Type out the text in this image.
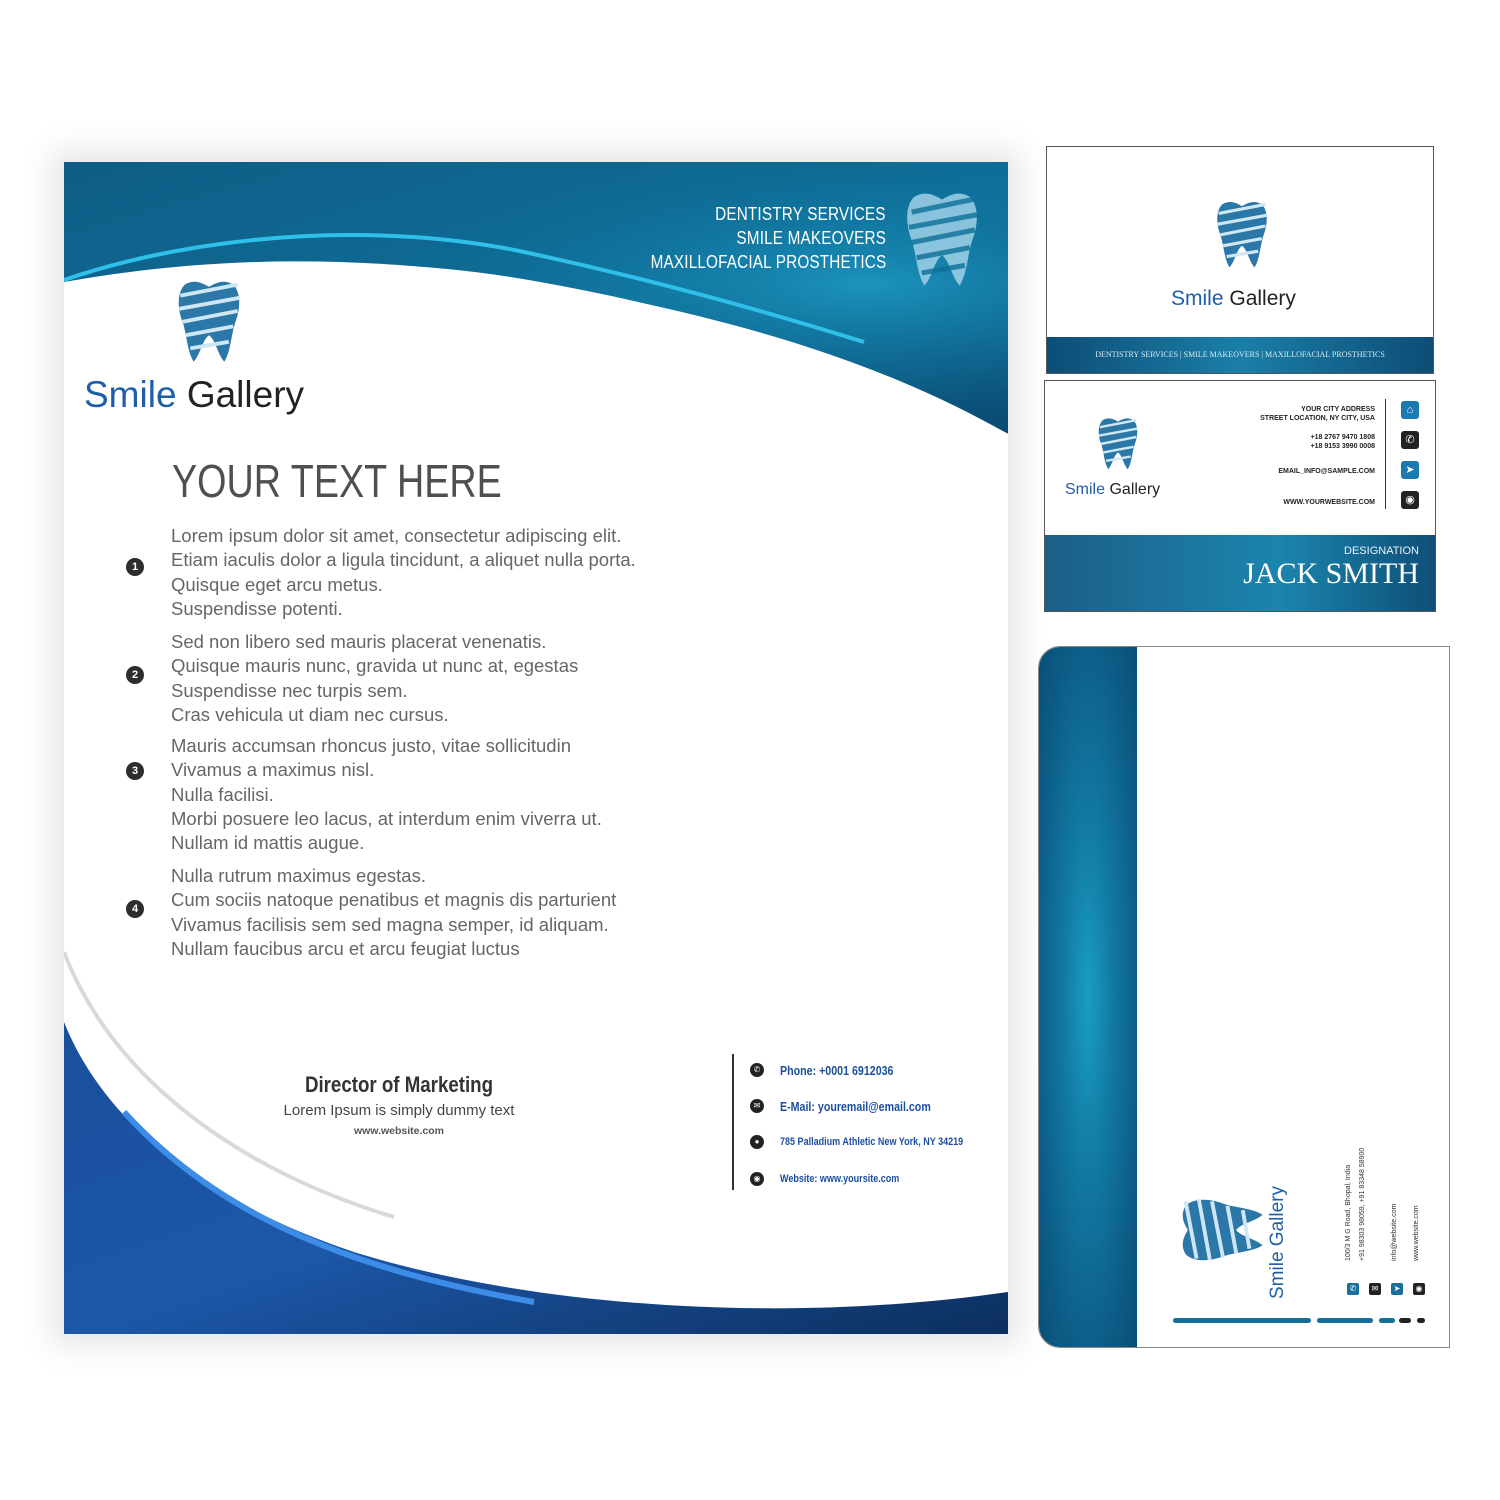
DENTISTRY SERVICES
SMILE MAKEOVERS
MAXILLOFACIAL PROSTHETICS
Smile Gallery
YOUR TEXT HERE
1
Lorem ipsum dolor sit amet, consectetur adipiscing elit.
Etiam iaculis dolor a ligula tincidunt, a aliquet nulla porta.
Quisque eget arcu metus.
Suspendisse potenti.
2
Sed non libero sed mauris placerat venenatis.
Quisque mauris nunc, gravida ut nunc at, egestas
Suspendisse nec turpis sem.
Cras vehicula ut diam nec cursus.
3
Mauris accumsan rhoncus justo, vitae sollicitudin
Vivamus a maximus nisl.
Nulla facilisi.
Morbi posuere leo lacus, at interdum enim viverra ut.
Nullam id mattis augue.
4
Nulla rutrum maximus egestas.
Cum sociis natoque penatibus et magnis dis parturient
Vivamus facilisis sem sed magna semper, id aliquam.
Nullam faucibus arcu et arcu feugiat luctus
Director of Marketing
Lorem Ipsum is simply dummy text
www.website.com
✆ Phone: +0001 6912036
✉ E-Mail: youremail@email.com
●	785 Palladium Athletic New York, NY 34219
◉	Website: www.yoursite.com
Smile Gallery
DENTISTRY SERVICES | SMILE MAKEOVERS | MAXILLOFACIAL PROSTHETICS
Smile Gallery
YOUR CITY ADDRESS
STREET LOCATION, NY CITY, USA
+18 2767 9470 1808
+18 9153 3990 0008
EMAIL_INFO@SAMPLE.COM
WWW.YOURWEBSITE.COM
⌂
✆
➤
◉
DESIGNATION
JACK SMITH
Smile Gallery	100/3 M G Road, Bhopal, India +91 98303 98059, +91 83348 58900	info@website.com www.website.com
✆	✉	➤	◉
